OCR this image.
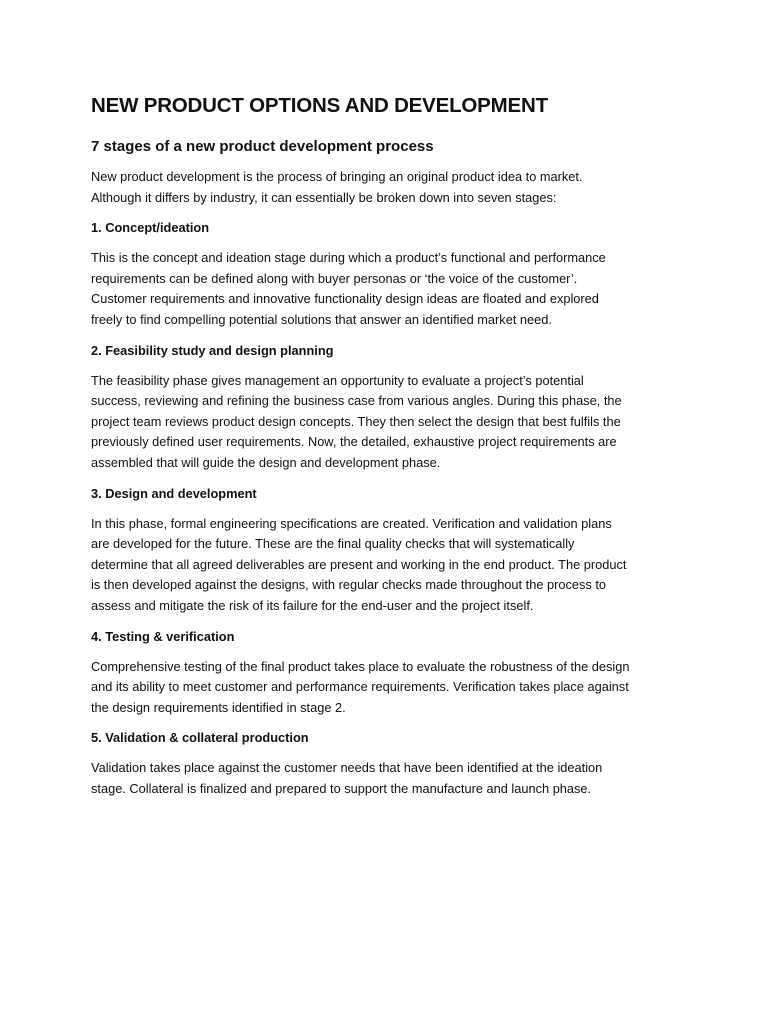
NEW PRODUCT OPTIONS AND DEVELOPMENT
7 stages of a new product development process

New product development is the process of bringing an original product idea to market.
Although it differs by industry, it can essentially be broken down into seven stages:

1. Concept/ideation

This is the concept and ideation stage during which a product’s functional and performance
requirements can be defined along with buyer personas or ‘the voice of the customer’.
Customer requirements and innovative functionality design ideas are floated and explored
freely to find compelling potential solutions that answer an identified market need.

2. Feasibility study and design planning

The feasibility phase gives management an opportunity to evaluate a project’s potential
success, reviewing and refining the business case from various angles. During this phase, the
project team reviews product design concepts. They then select the design that best fulfils the
previously defined user requirements. Now, the detailed, exhaustive project requirements are
assembled that will guide the design and development phase.

3. Design and development

In this phase, formal engineering specifications are created. Verification and validation plans
are developed for the future. These are the final quality checks that will systematically
determine that all agreed deliverables are present and working in the end product. The product
is then developed against the designs, with regular checks made throughout the process to
assess and mitigate the risk of its failure for the end-user and the project itself.

4. Testing & verification

Comprehensive testing of the final product takes place to evaluate the robustness of the design
and its ability to meet customer and performance requirements. Verification takes place against
the design requirements identified in stage 2.

5. Validation & collateral production

Validation takes place against the customer needs that have been identified at the ideation
stage. Collateral is finalized and prepared to support the manufacture and launch phase.
